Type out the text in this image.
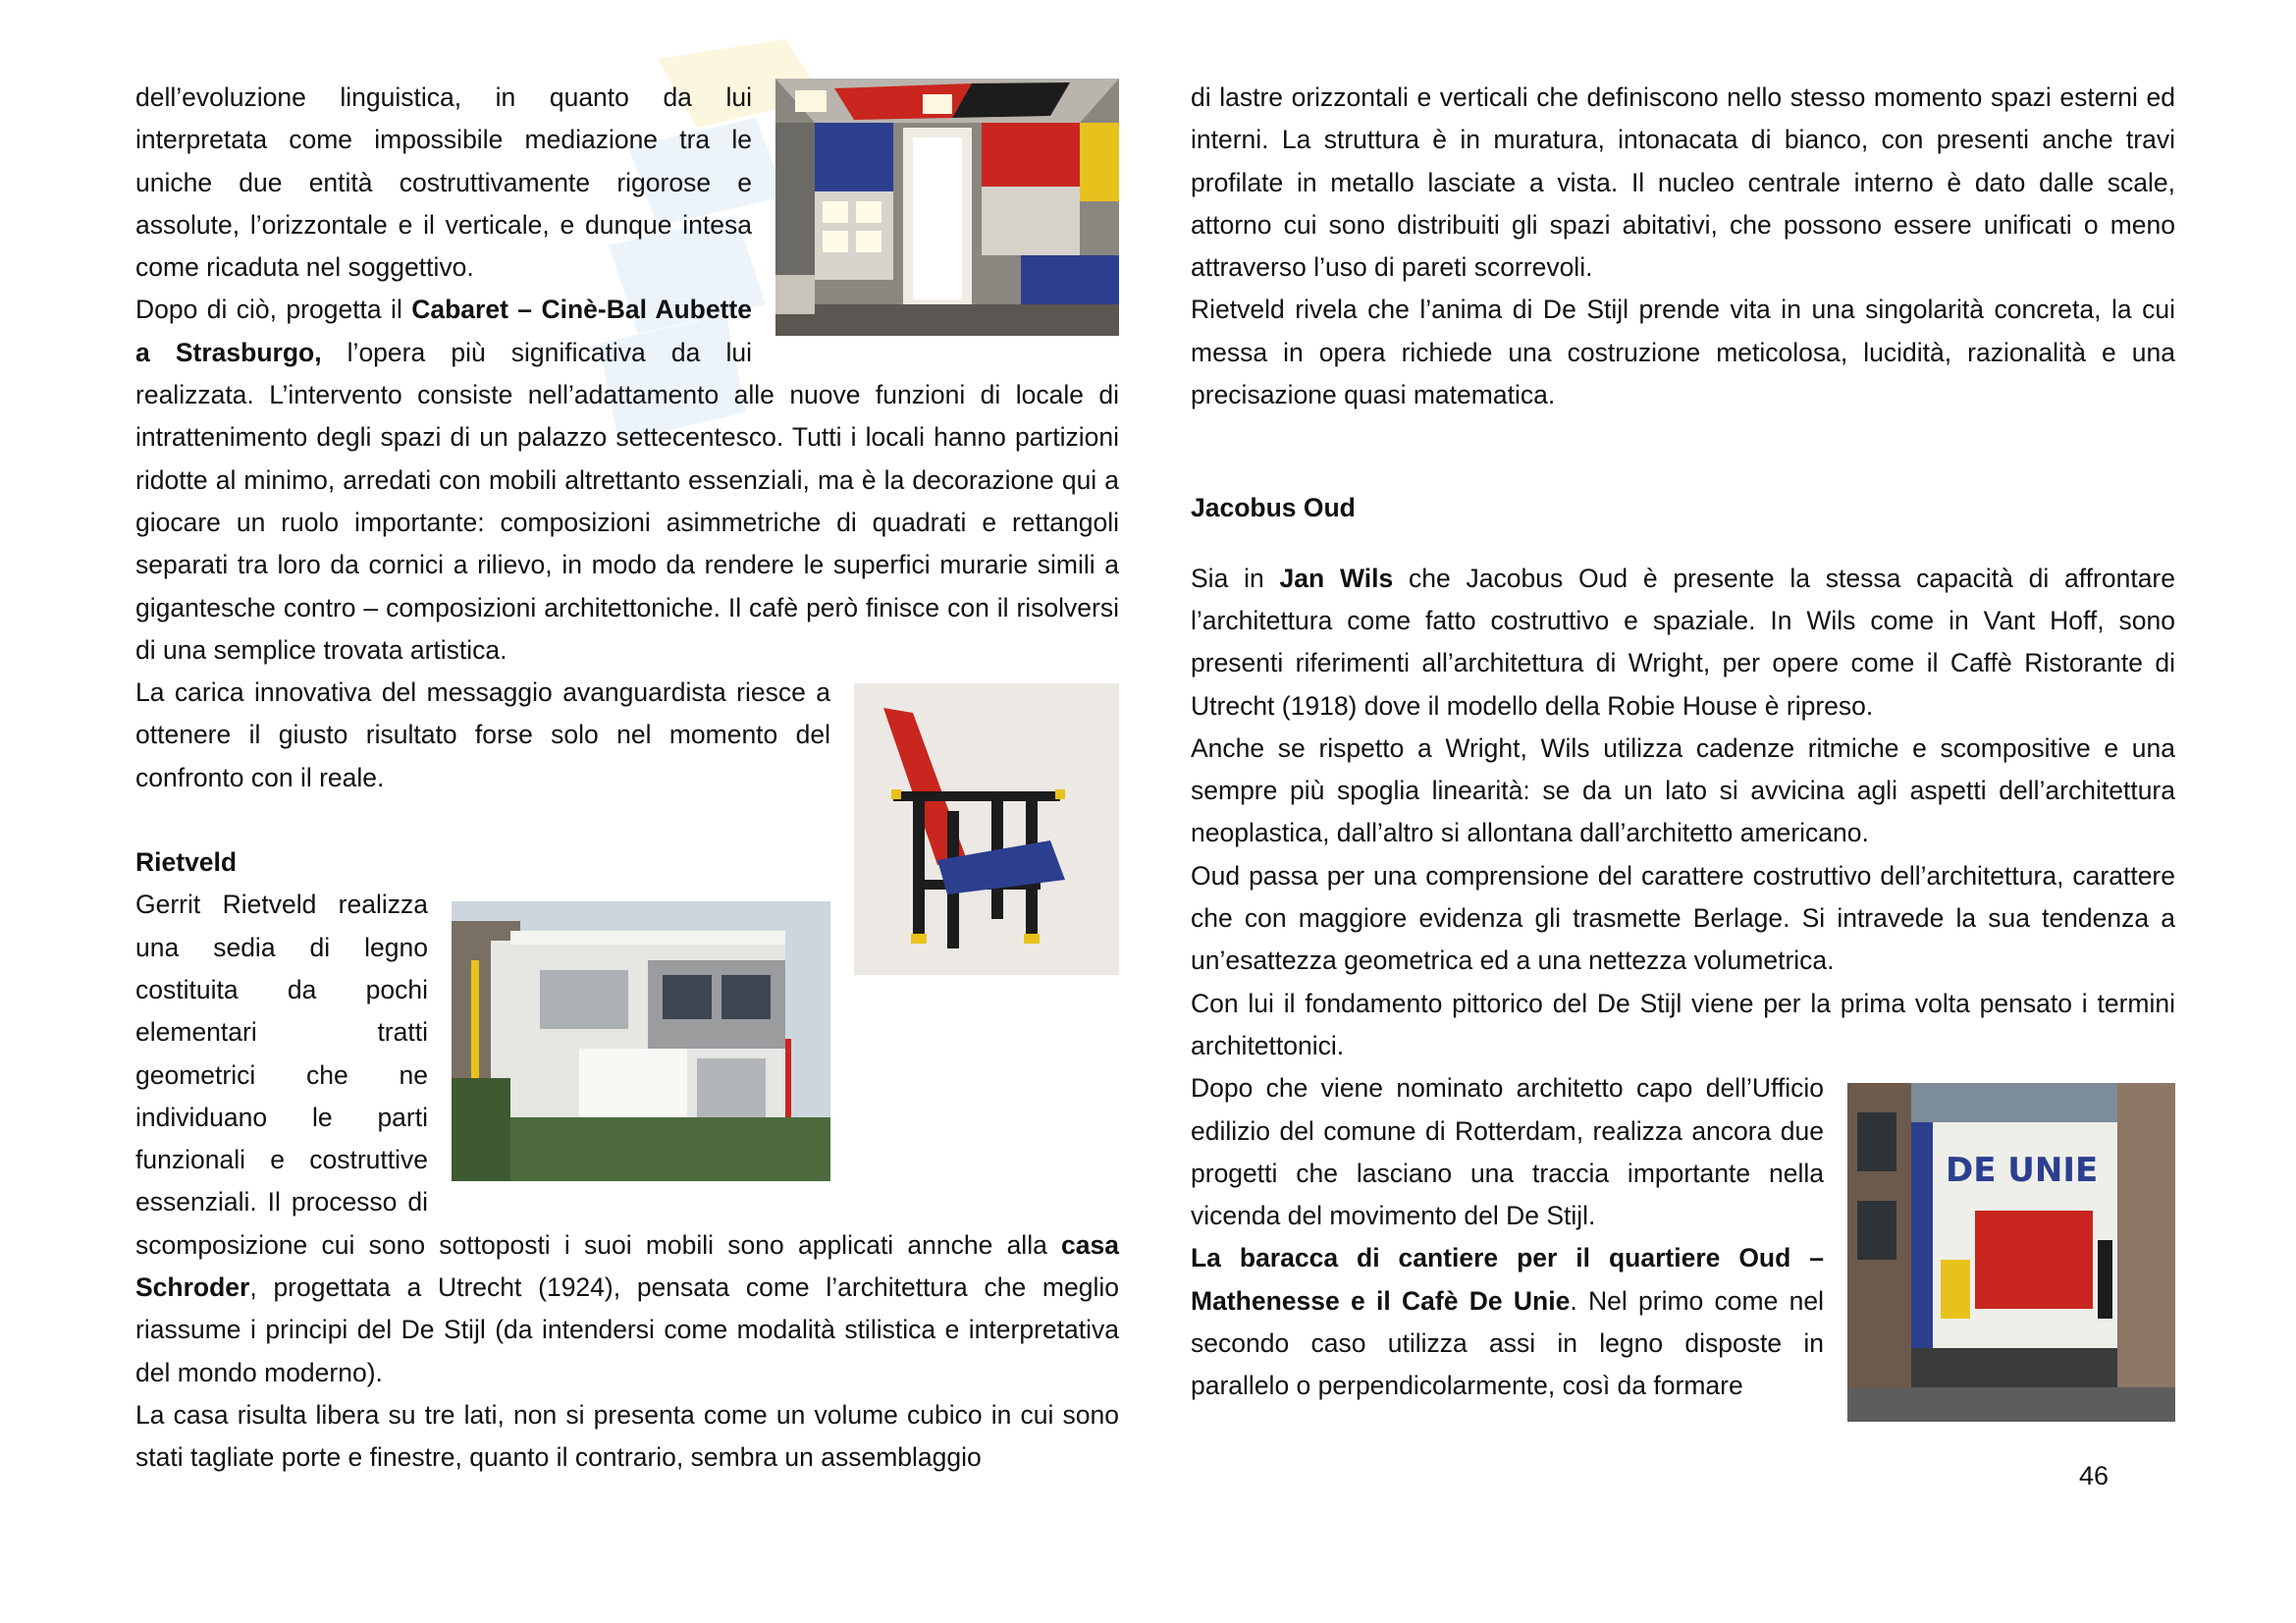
dell’evoluzione linguistica, in quanto da lui interpretata come impossibile mediazione tra le uniche due entità costruttivamente rigorose e assolute, l’orizzontale e il verticale, e dunque intesa come ricaduta nel soggettivo.

Dopo di ciò, progetta il Cabaret – Cinè-Bal Aubette a Strasburgo, l’opera più significativa da lui realizzata. L’intervento consiste nell’adattamento alle nuove funzioni di locale di intrattenimento degli spazi di un palazzo settecentesco. Tutti i locali hanno partizioni ridotte al minimo, arredati con mobili altrettanto essenziali, ma è la decorazione qui a giocare un ruolo importante: composizioni asimmetriche di quadrati e rettangoli separati tra loro da cornici a rilievo, in modo da rendere le superfici murarie simili a gigantesche contro – composizioni architettoniche. Il cafè però finisce con il risolversi di una semplice trovata artistica.

La carica innovativa del messaggio avanguardista riesce a ottenere il giusto risultato forse solo nel momento del confronto con il reale.

Rietveld

Gerrit Rietveld realizza una sedia di legno costituita da pochi elementari tratti geometrici che ne individuano le parti funzionali e costruttive essenziali. Il processo di scomposizione cui sono sottoposti i suoi mobili sono applicati annche alla casa Schroder, progettata a Utrecht (1924), pensata come l’architettura che meglio riassume i principi del De Stijl (da intendersi come modalità stilistica e interpretativa del mondo moderno).

La casa risulta libera su tre lati, non si presenta come un volume cubico in cui sono stati tagliate porte e finestre, quanto il contrario, sembra un assemblaggio

di lastre orizzontali e verticali che definiscono nello stesso momento spazi esterni ed interni. La struttura è in muratura, intonacata di bianco, con presenti anche travi profilate in metallo lasciate a vista. Il nucleo centrale interno è dato dalle scale, attorno cui sono distribuiti gli spazi abitativi, che possono essere unificati o meno attraverso l’uso di pareti scorrevoli.

Rietveld rivela che l’anima di De Stijl prende vita in una singolarità concreta, la cui messa in opera richiede una costruzione meticolosa, lucidità, razionalità e una precisazione quasi matematica.

Jacobus Oud

Sia in Jan Wils che Jacobus Oud è presente la stessa capacità di affrontare l’architettura come fatto costruttivo e spaziale. In Wils come in Vant Hoff, sono presenti riferimenti all’architettura di Wright, per opere come il Caffè Ristorante di Utrecht (1918) dove il modello della Robie House è ripreso.

Anche se rispetto a Wright, Wils utilizza cadenze ritmiche e scompositive e una sempre più spoglia linearità: se da un lato si avvicina agli aspetti dell’architettura neoplastica, dall’altro si allontana dall’architetto americano.

Oud passa per una comprensione del carattere costruttivo dell’architettura, carattere che con maggiore evidenza gli trasmette Berlage. Si intravede la sua tendenza a un’esattezza geometrica ed a una nettezza volumetrica.

Con lui il fondamento pittorico del De Stijl viene per la prima volta pensato i termini architettonici.

DE UNIE
Dopo che viene nominato architetto capo dell’Ufficio edilizio del comune di Rotterdam, realizza ancora due progetti che lasciano una traccia importante nella vicenda del movimento del De Stijl.

La baracca di cantiere per il quartiere Oud – Mathenesse e il Cafè De Unie. Nel primo come nel secondo caso utilizza assi in legno disposte in parallelo o perpendicolarmente, così da formare

46
